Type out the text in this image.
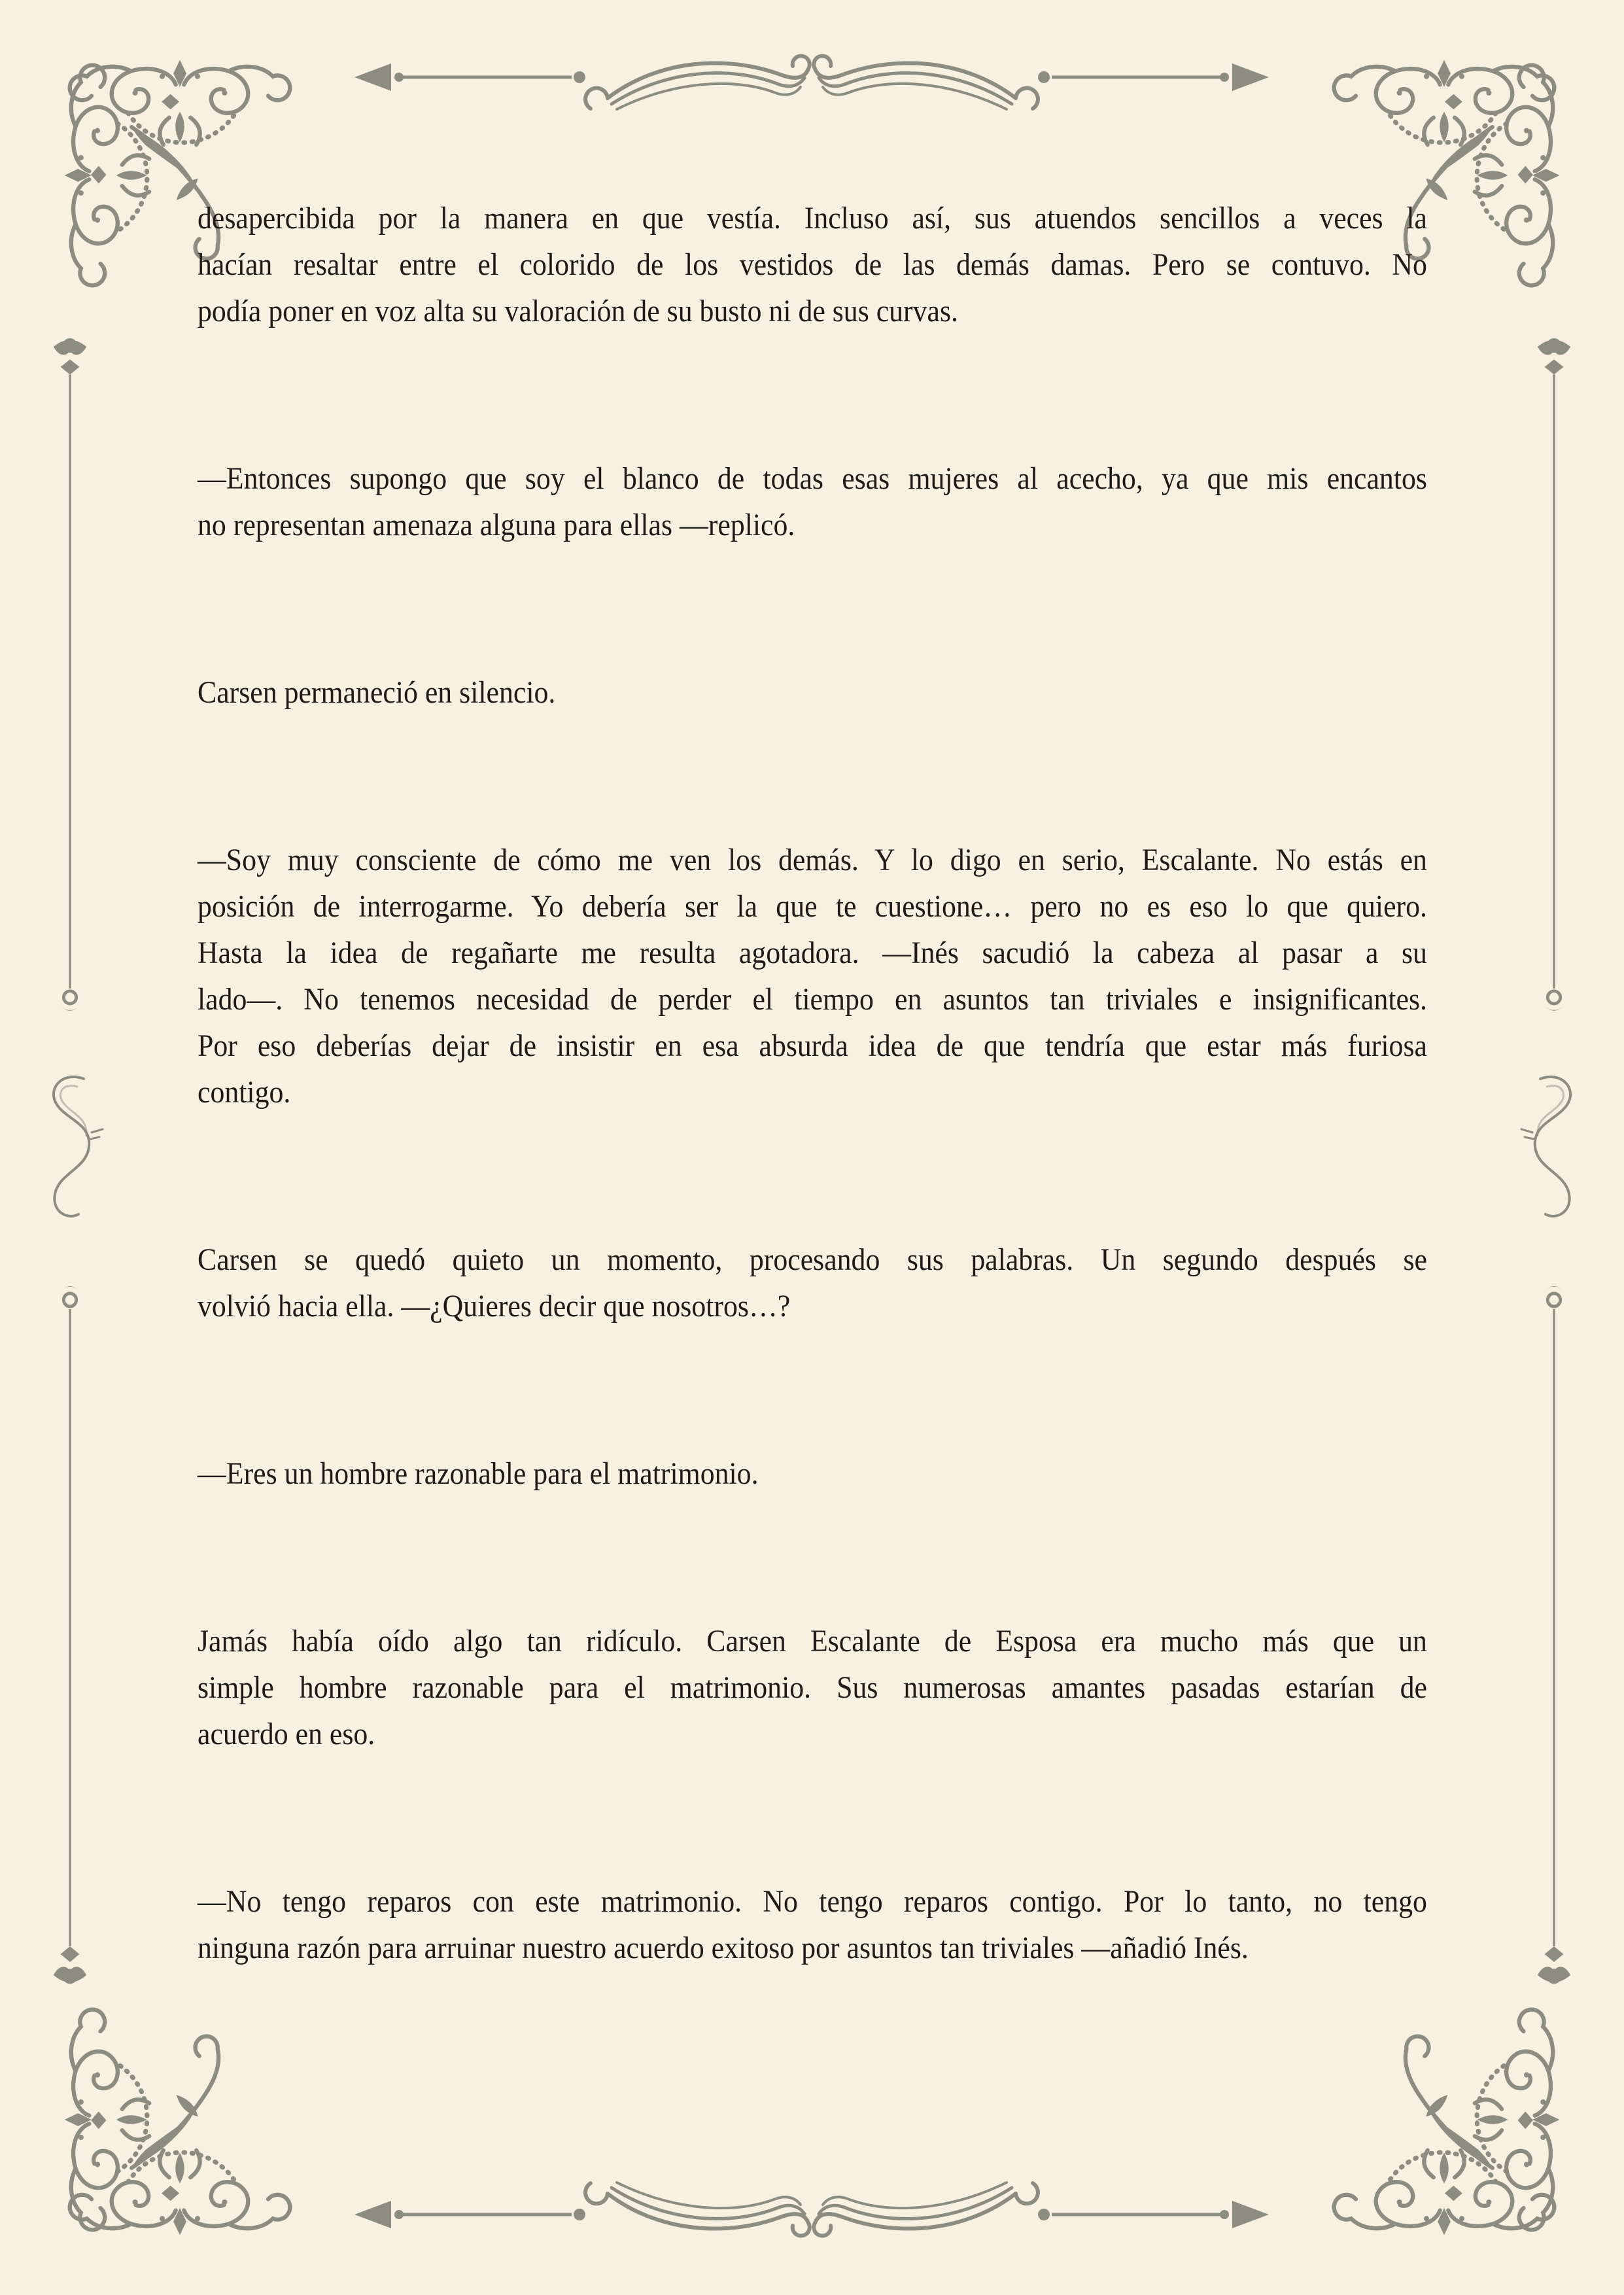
desapercibida por la manera en que vestía. Incluso así, sus atuendos sencillos a veces la
hacían resaltar entre el colorido de los vestidos de las demás damas. Pero se contuvo. No
podía poner en voz alta su valoración de su busto ni de sus curvas.
—Entonces supongo que soy el blanco de todas esas mujeres al acecho, ya que mis encantos
no representan amenaza alguna para ellas —replicó.
Carsen permaneció en silencio.
—Soy muy consciente de cómo me ven los demás. Y lo digo en serio, Escalante. No estás en
posición de interrogarme. Yo debería ser la que te cuestione… pero no es eso lo que quiero.
Hasta la idea de regañarte me resulta agotadora. —Inés sacudió la cabeza al pasar a su
lado—. No tenemos necesidad de perder el tiempo en asuntos tan triviales e insignificantes.
Por eso deberías dejar de insistir en esa absurda idea de que tendría que estar más furiosa
contigo.
Carsen se quedó quieto un momento, procesando sus palabras. Un segundo después se
volvió hacia ella. —¿Quieres decir que nosotros…?
—Eres un hombre razonable para el matrimonio.
Jamás había oído algo tan ridículo. Carsen Escalante de Esposa era mucho más que un
simple hombre razonable para el matrimonio. Sus numerosas amantes pasadas estarían de
acuerdo en eso.
—No tengo reparos con este matrimonio. No tengo reparos contigo. Por lo tanto, no tengo
ninguna razón para arruinar nuestro acuerdo exitoso por asuntos tan triviales —añadió Inés.
